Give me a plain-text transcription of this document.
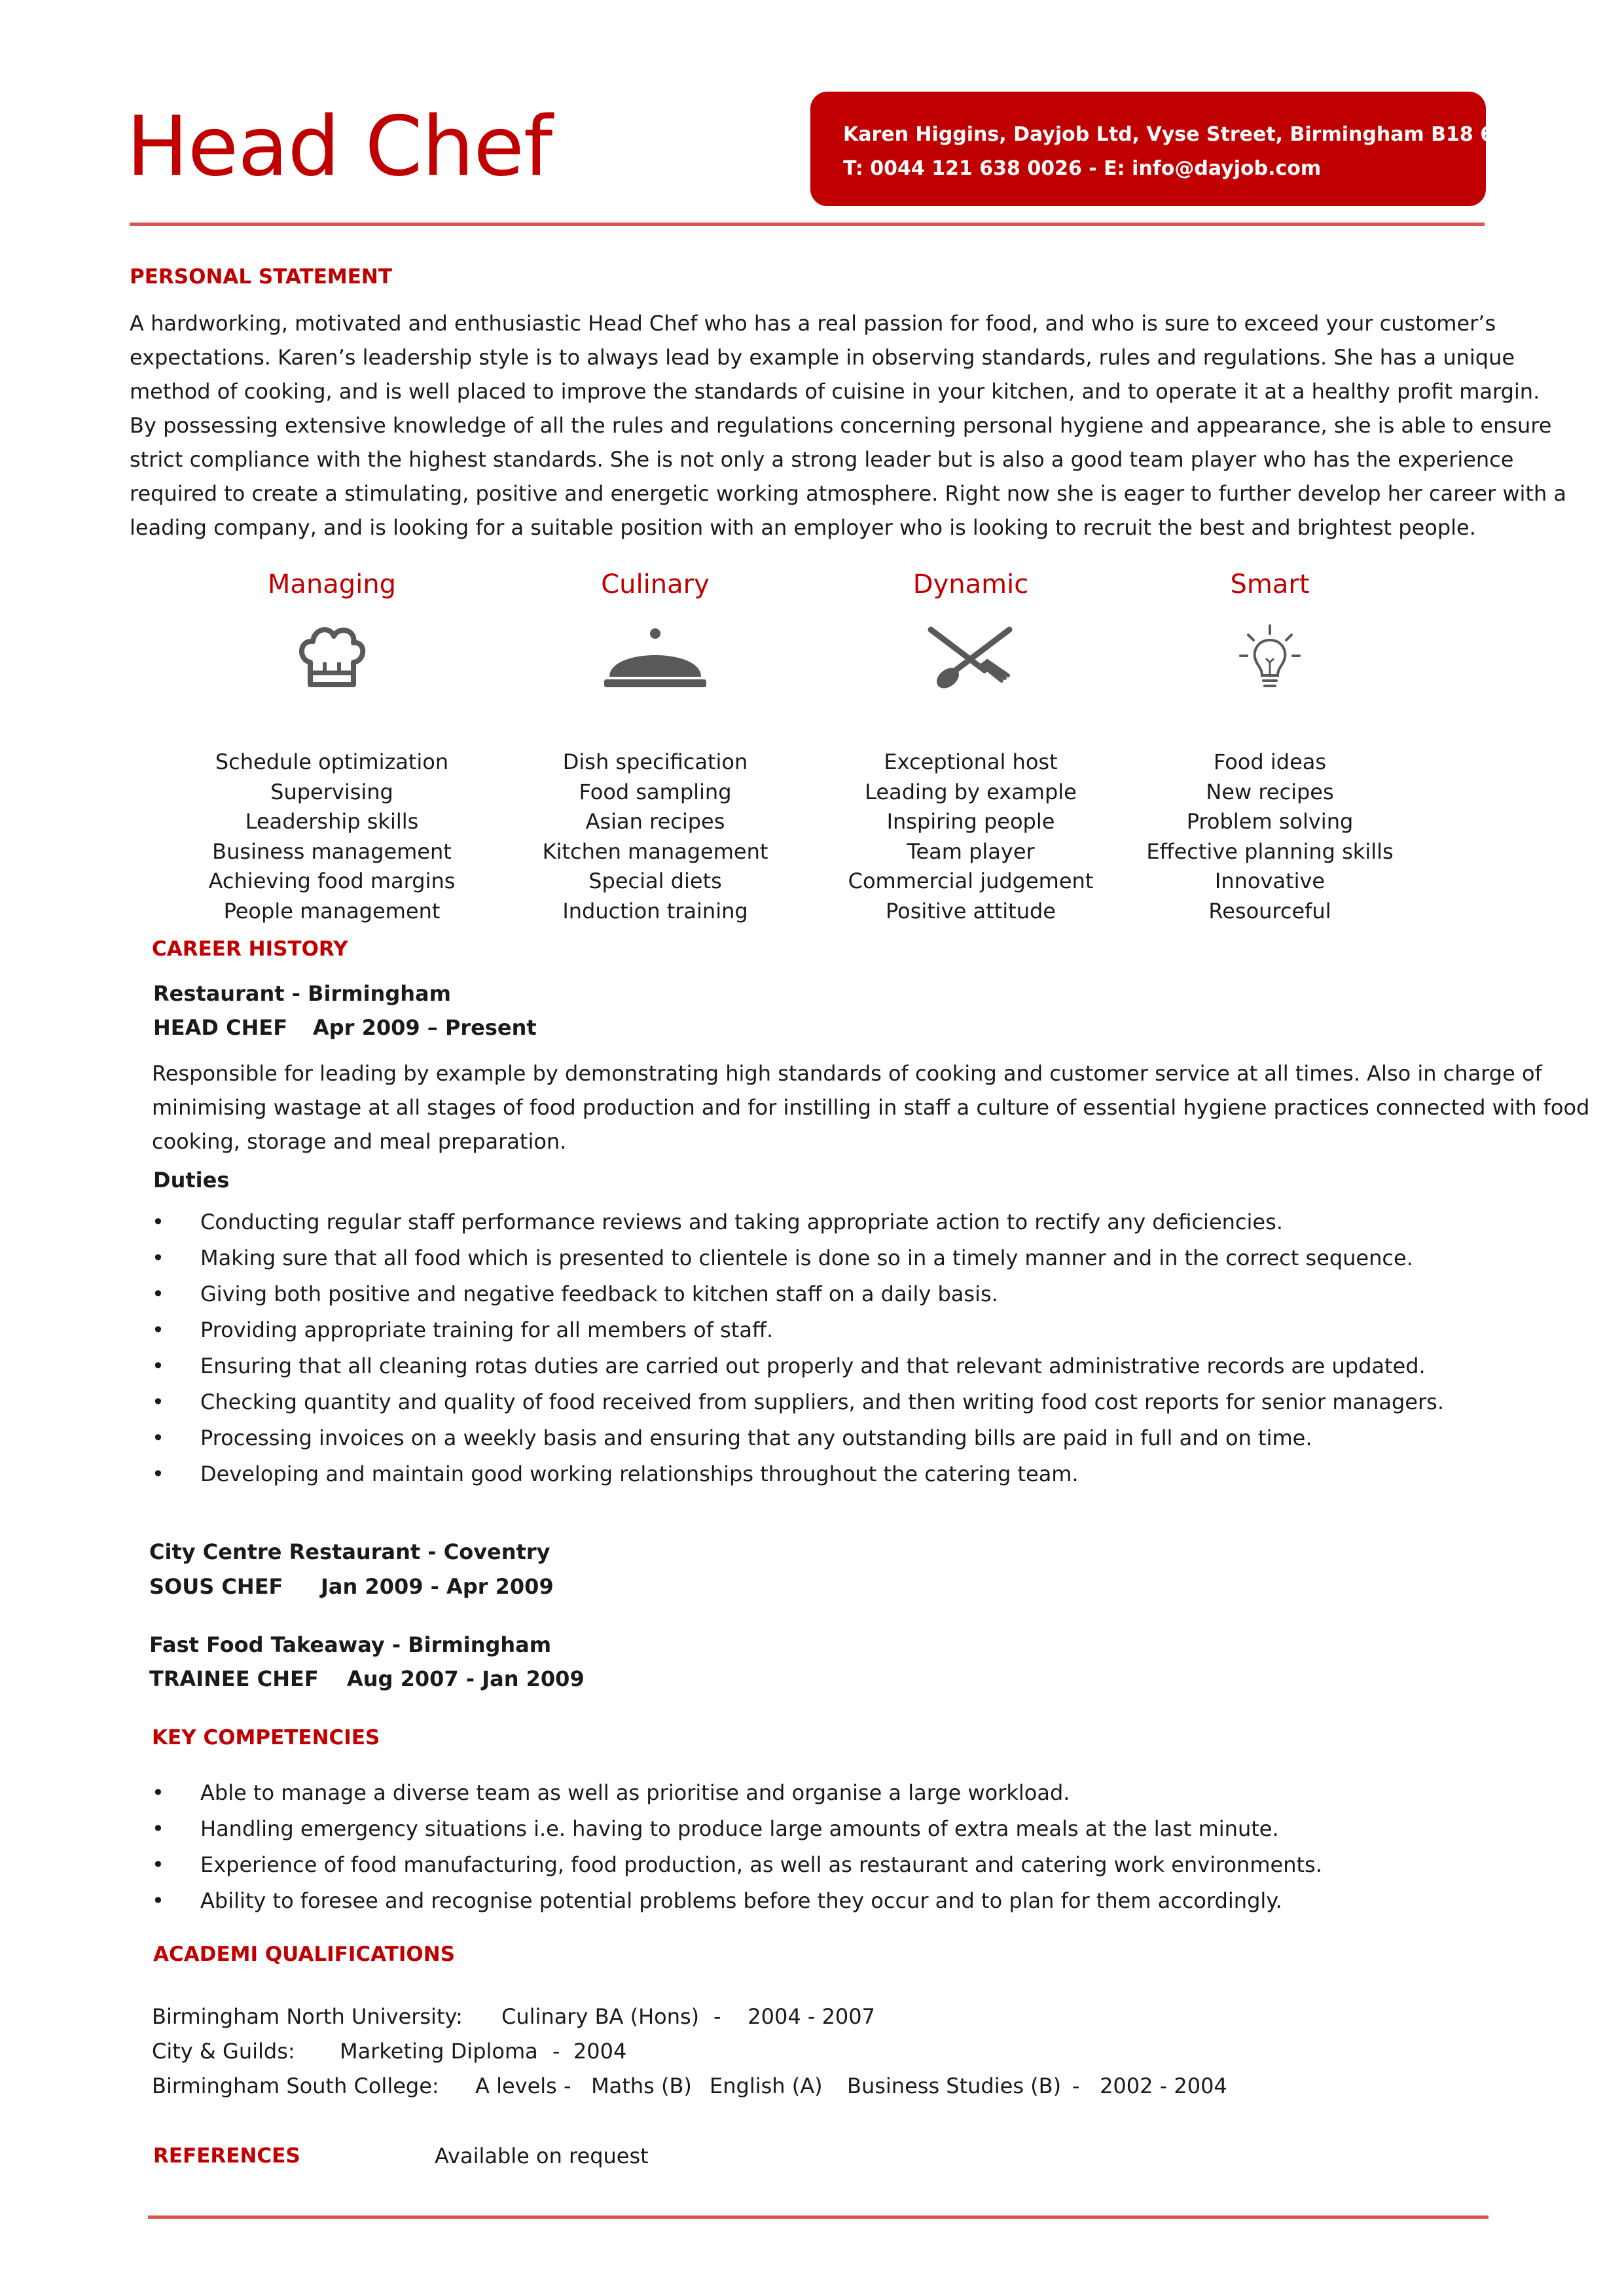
Head Chef	Karen Higgins, Dayjob Ltd, Vyse Street, Birmingham B18 6NF
T: 0044 121 638 0026 - E: info@dayjob.com
PERSONAL STATEMENT
A hardworking, motivated and enthusiastic Head Chef who has a real passion for food, and who is sure to exceed your customer’s
expectations. Karen’s leadership style is to always lead by example in observing standards, rules and regulations. She has a unique
method of cooking, and is well placed to improve the standards of cuisine in your kitchen, and to operate it at a healthy profit margin.
By possessing extensive knowledge of all the rules and regulations concerning personal hygiene and appearance, she is able to ensure
strict compliance with the highest standards. She is not only a strong leader but is also a good team player who has the experience
required to create a stimulating, positive and energetic working atmosphere. Right now she is eager to further develop her career with a
leading company, and is looking for a suitable position with an employer who is looking to recruit the best and brightest people.
Managing
Schedule optimization
Supervising
Leadership skills
Business management
Achieving food margins
People management
Culinary
Dish specification
Food sampling
Asian recipes
Kitchen management
Special diets
Induction training
Dynamic
Exceptional host
Leading by example
Inspiring people
Team player
Commercial judgement
Positive attitude
Smart
Food ideas
New recipes
Problem solving
Effective planning skills
Innovative
Resourceful
CAREER HISTORY
Restaurant - Birmingham
HEAD CHEF Apr 2009 – Present
Responsible for leading by example by demonstrating high standards of cooking and customer service at all times. Also in charge of
minimising wastage at all stages of food production and for instilling in staff a culture of essential hygiene practices connected with food
cooking, storage and meal preparation.
Duties
• Conducting regular staff performance reviews and taking appropriate action to rectify any deficiencies.
• Making sure that all food which is presented to clientele is done so in a timely manner and in the correct sequence.
• Giving both positive and negative feedback to kitchen staff on a daily basis.
• Providing appropriate training for all members of staff.
• Ensuring that all cleaning rotas duties are carried out properly and that relevant administrative records are updated.
• Checking quantity and quality of food received from suppliers, and then writing food cost reports for senior managers.
• Processing invoices on a weekly basis and ensuring that any outstanding bills are paid in full and on time.
• Developing and maintain good working relationships throughout the catering team.
City Centre Restaurant - Coventry
SOUS CHEF Jan 2009 - Apr 2009
Fast Food Takeaway - Birmingham
TRAINEE CHEF Aug 2007 - Jan 2009
KEY COMPETENCIES
• Able to manage a diverse team as well as prioritise and organise a large workload.
• Handling emergency situations i.e. having to produce large amounts of extra meals at the last minute.
• Experience of food manufacturing, food production, as well as restaurant and catering work environments.
• Ability to foresee and recognise potential problems before they occur and to plan for them accordingly.
ACADEMI QUALIFICATIONS
Birmingham North University: Culinary BA (Hons) -    2004 - 2007
City & Guilds: Marketing Diploma -  2004
Birmingham South College: A levels -   Maths (B) English (A) Business Studies (B) -   2002 - 2004
REFERENCES	Available on request
